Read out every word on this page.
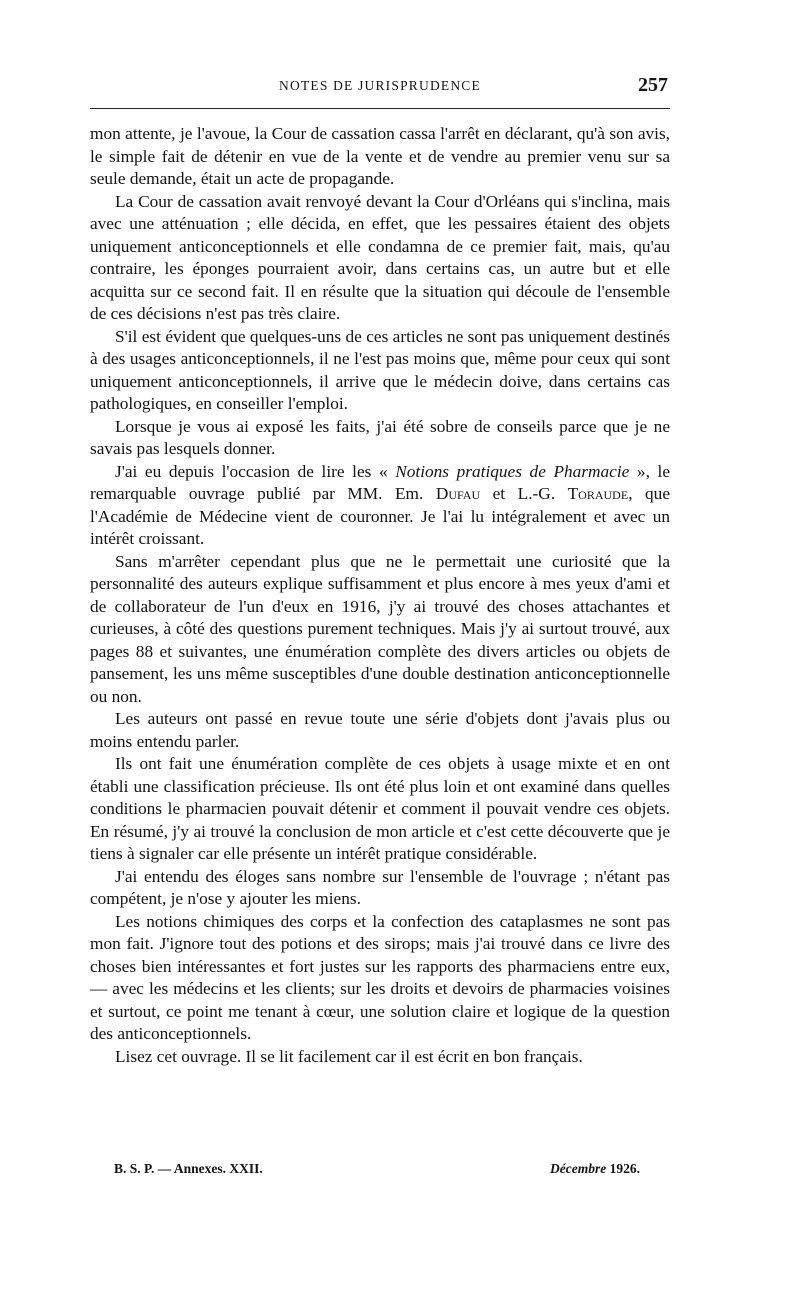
NOTES DE JURISPRUDENCE	257

mon attente, je l'avoue, la Cour de cassation cassa l'arrêt en déclarant, qu'à son avis, le simple fait de détenir en vue de la vente et de vendre au premier venu sur sa seule demande, était un acte de propagande.

La Cour de cassation avait renvoyé devant la Cour d'Orléans qui s'inclina, mais avec une atténuation ; elle décida, en effet, que les pessaires étaient des objets uniquement anticonceptionnels et elle condamna de ce premier fait, mais, qu'au contraire, les éponges pourraient avoir, dans certains cas, un autre but et elle acquitta sur ce second fait. Il en résulte que la situation qui découle de l'ensemble de ces décisions n'est pas très claire.

S'il est évident que quelques-uns de ces articles ne sont pas uniquement destinés à des usages anticonceptionnels, il ne l'est pas moins que, même pour ceux qui sont uniquement anticonceptionnels, il arrive que le médecin doive, dans certains cas pathologiques, en conseiller l'emploi.

Lorsque je vous ai exposé les faits, j'ai été sobre de conseils parce que je ne savais pas lesquels donner.

J'ai eu depuis l'occasion de lire les « Notions pratiques de Pharmacie », le remarquable ouvrage publié par MM. Em. Dufau et L.-G. Toraude, que l'Académie de Médecine vient de couronner. Je l'ai lu intégralement et avec un intérêt croissant.

Sans m'arrêter cependant plus que ne le permettait une curiosité que la personnalité des auteurs explique suffisamment et plus encore à mes yeux d'ami et de collaborateur de l'un d'eux en 1916, j'y ai trouvé des choses attachantes et curieuses, à côté des questions purement techniques. Mais j'y ai surtout trouvé, aux pages 88 et suivantes, une énumération complète des divers articles ou objets de pansement, les uns même susceptibles d'une double destination anticonceptionnelle ou non.

Les auteurs ont passé en revue toute une série d'objets dont j'avais plus ou moins entendu parler.

Ils ont fait une énumération complète de ces objets à usage mixte et en ont établi une classification précieuse. Ils ont été plus loin et ont examiné dans quelles conditions le pharmacien pouvait détenir et comment il pouvait vendre ces objets. En résumé, j'y ai trouvé la conclusion de mon article et c'est cette découverte que je tiens à signaler car elle présente un intérêt pratique considérable.

J'ai entendu des éloges sans nombre sur l'ensemble de l'ouvrage ; n'étant pas compétent, je n'ose y ajouter les miens.

Les notions chimiques des corps et la confection des cataplasmes ne sont pas mon fait. J'ignore tout des potions et des sirops; mais j'ai trouvé dans ce livre des choses bien intéressantes et fort justes sur les rapports des pharmaciens entre eux, — avec les médecins et les clients; sur les droits et devoirs de pharmacies voisines et surtout, ce point me tenant à cœur, une solution claire et logique de la question des anticonceptionnels.

Lisez cet ouvrage. Il se lit facilement car il est écrit en bon français.

B. S. P. — Annexes. XXII.	Décembre 1926.
